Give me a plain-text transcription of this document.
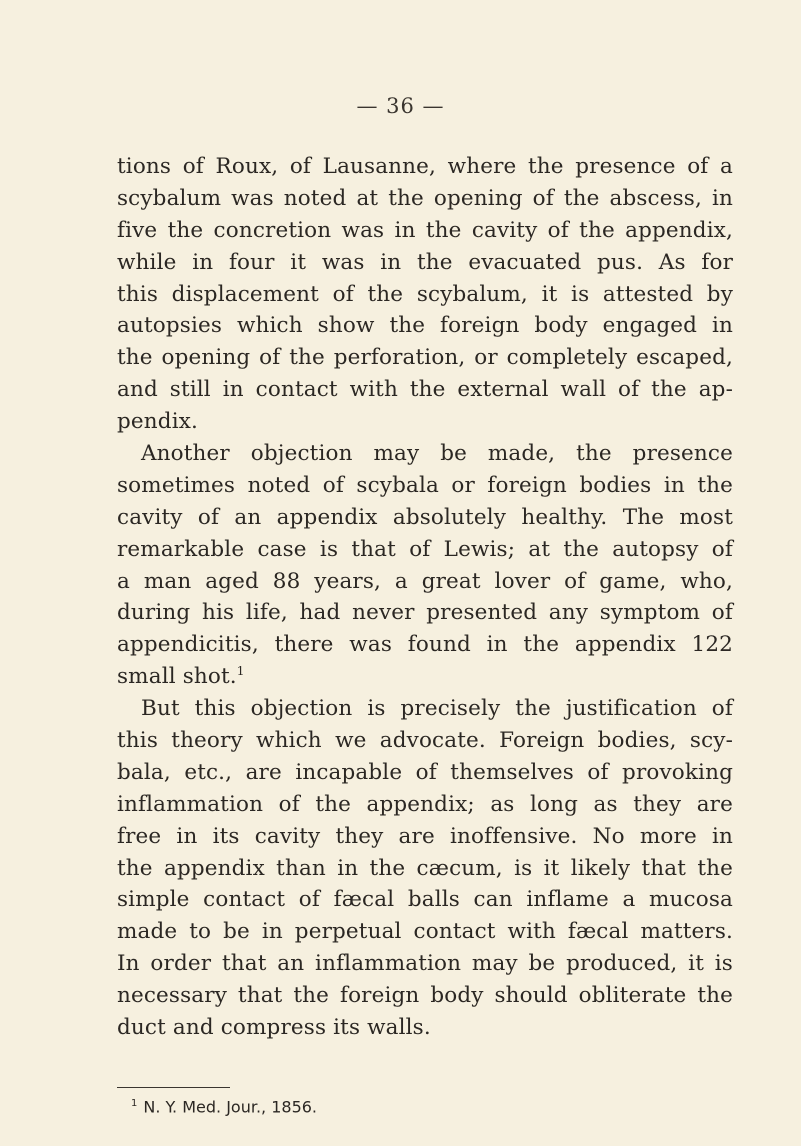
— 36 —
tions of Roux, of Lausanne, where the presence of a
scybalum was noted at the opening of the abscess, in
five the concretion was in the cavity of the appendix,
while in four it was in the evacuated pus. As for
this displacement of the scybalum, it is attested by
autopsies which show the foreign body engaged in
the opening of the perforation, or completely escaped,
and still in contact with the external wall of the ap-
pendix.
Another objection may be made, the presence
sometimes noted of scybala or foreign bodies in the
cavity of an appendix absolutely healthy. The most
remarkable case is that of Lewis; at the autopsy of
a man aged 88 years, a great lover of game, who,
during his life, had never presented any symptom of
appendicitis, there was found in the appendix 122
small shot.$^1$
But this objection is precisely the justification of
this theory which we advocate. Foreign bodies, scy-
bala, etc., are incapable of themselves of provoking
inflammation of the appendix; as long as they are
free in its cavity they are inoffensive. No more in
the appendix than in the cæcum, is it likely that the
simple contact of fæcal balls can inflame a mucosa
made to be in perpetual contact with fæcal matters.
In order that an inflammation may be produced, it is
necessary that the foreign body should obliterate the
duct and compress its walls.
$^1$ N. Y. Med. Jour., 1856.
